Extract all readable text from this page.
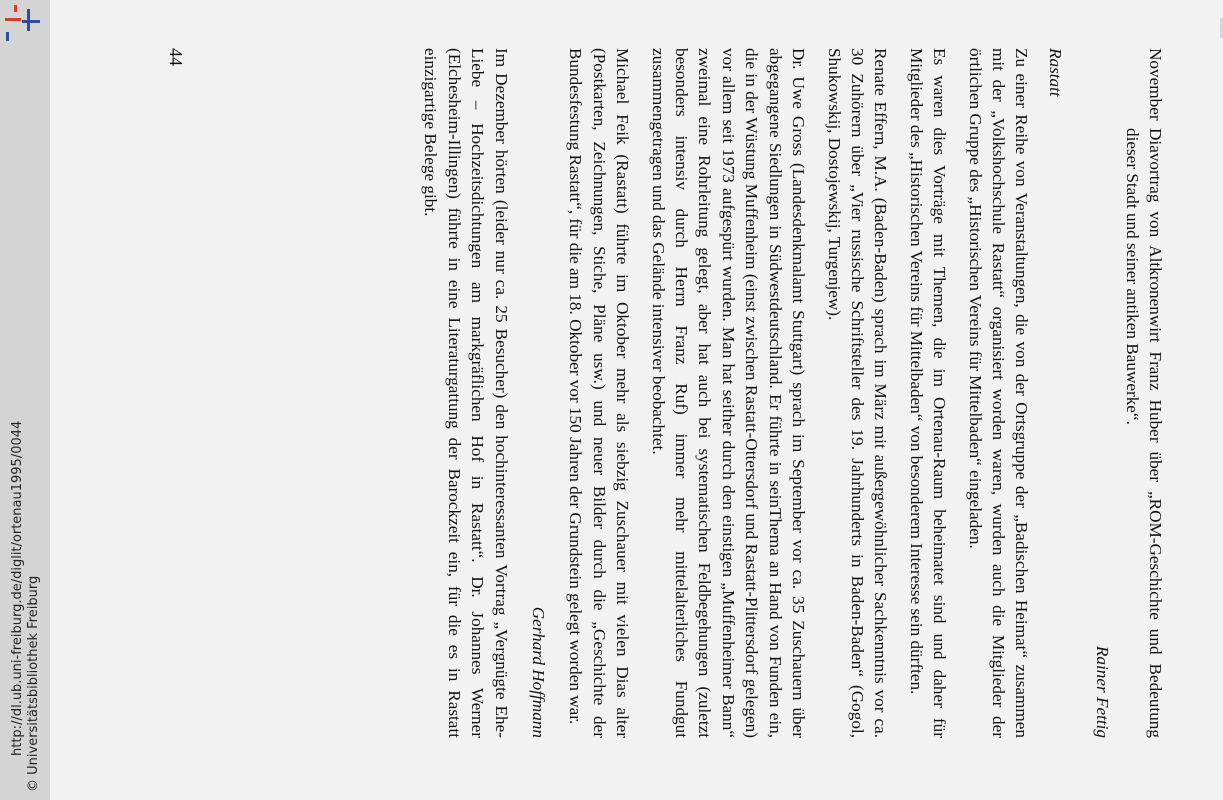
http://dl.ub.uni-freiburg.de/diglit/ortenau1995/0044 © Universitätsbibliothek Freiburg
November
Diavortrag von Altkronenwirt Franz Huber über „ROM-Geschichte und Bedeutung dieser Stadt und seiner antiken Bauwerke“.
Rainer Fettig
Rastatt

Zu einer Reihe von Veranstaltungen, die von der Ortsgruppe der „Badischen Heimat“ zusammen mit der „Volkshochschule Rastatt“ organisiert worden waren, wurden auch die Mitglieder der örtlichen Gruppe des „Historischen Vereins für Mittelbaden“ eingeladen.

Es waren dies Vorträge mit Themen, die im Ortenau-Raum beheimatet sind und daher für Mitglieder des „Historischen Vereins für Mittelbaden“ von besonderem Interesse sein dürften.

Renate Effern, M.A. (Baden-Baden) sprach im März mit außergewöhnlicher Sachkenntnis vor ca. 30 Zuhörern über „Vier russische Schriftsteller des 19. Jahrhunderts in Baden-Baden“ (Gogol, Shukowskij, Dostojewskij, Turgenjew).

Dr. Uwe Gross (Landesdenkmalamt Stuttgart) sprach im September vor ca. 35 Zuschauern über abgegangene Siedlungen in Südwestdeutschland. Er führte in seinThema an Hand von Funden ein, die in der Wüstung Muffenheim (einst zwischen Rastatt-Ottersdorf und Rastatt-Plittersdorf gelegen) vor allem seit 1973 aufgespürt wurden. Man hat seither durch den einstigen „Muffenheimer Bann“ zweimal eine Rohrleitung gelegt, aber hat auch bei systematischen Feldbegehungen (zuletzt besonders intensiv durch Herrn Franz Ruf) immer mehr mittelalterliches Fundgut zusammengetragen und das Gelände intensiver beobachtet.

Michael Feik (Rastatt) führte im Oktober mehr als siebzig Zuschauer mit vielen Dias alter (Postkarten, Zeichnungen, Stiche, Pläne usw.) und neuer Bilder durch die „Geschichte der Bundesfestung Rastatt“, für die am 18. Oktober vor 150 Jahren der Grundstein gelegt worden war.

Gerhard Hoffmann

Im Dezember hörten (leider nur ca. 25 Besucher) den hochinteressanten Vortrag „Vergnügte Ehe-Liebe – Hochzeitsdichtungen am markgräflichen Hof in Rastatt“. Dr. Johannes Werner (Elchesheim-Illingen) führte in eine Literaturgattung der Barockzeit ein, für die es in Rastatt einzigartige Belege gibt.

44
